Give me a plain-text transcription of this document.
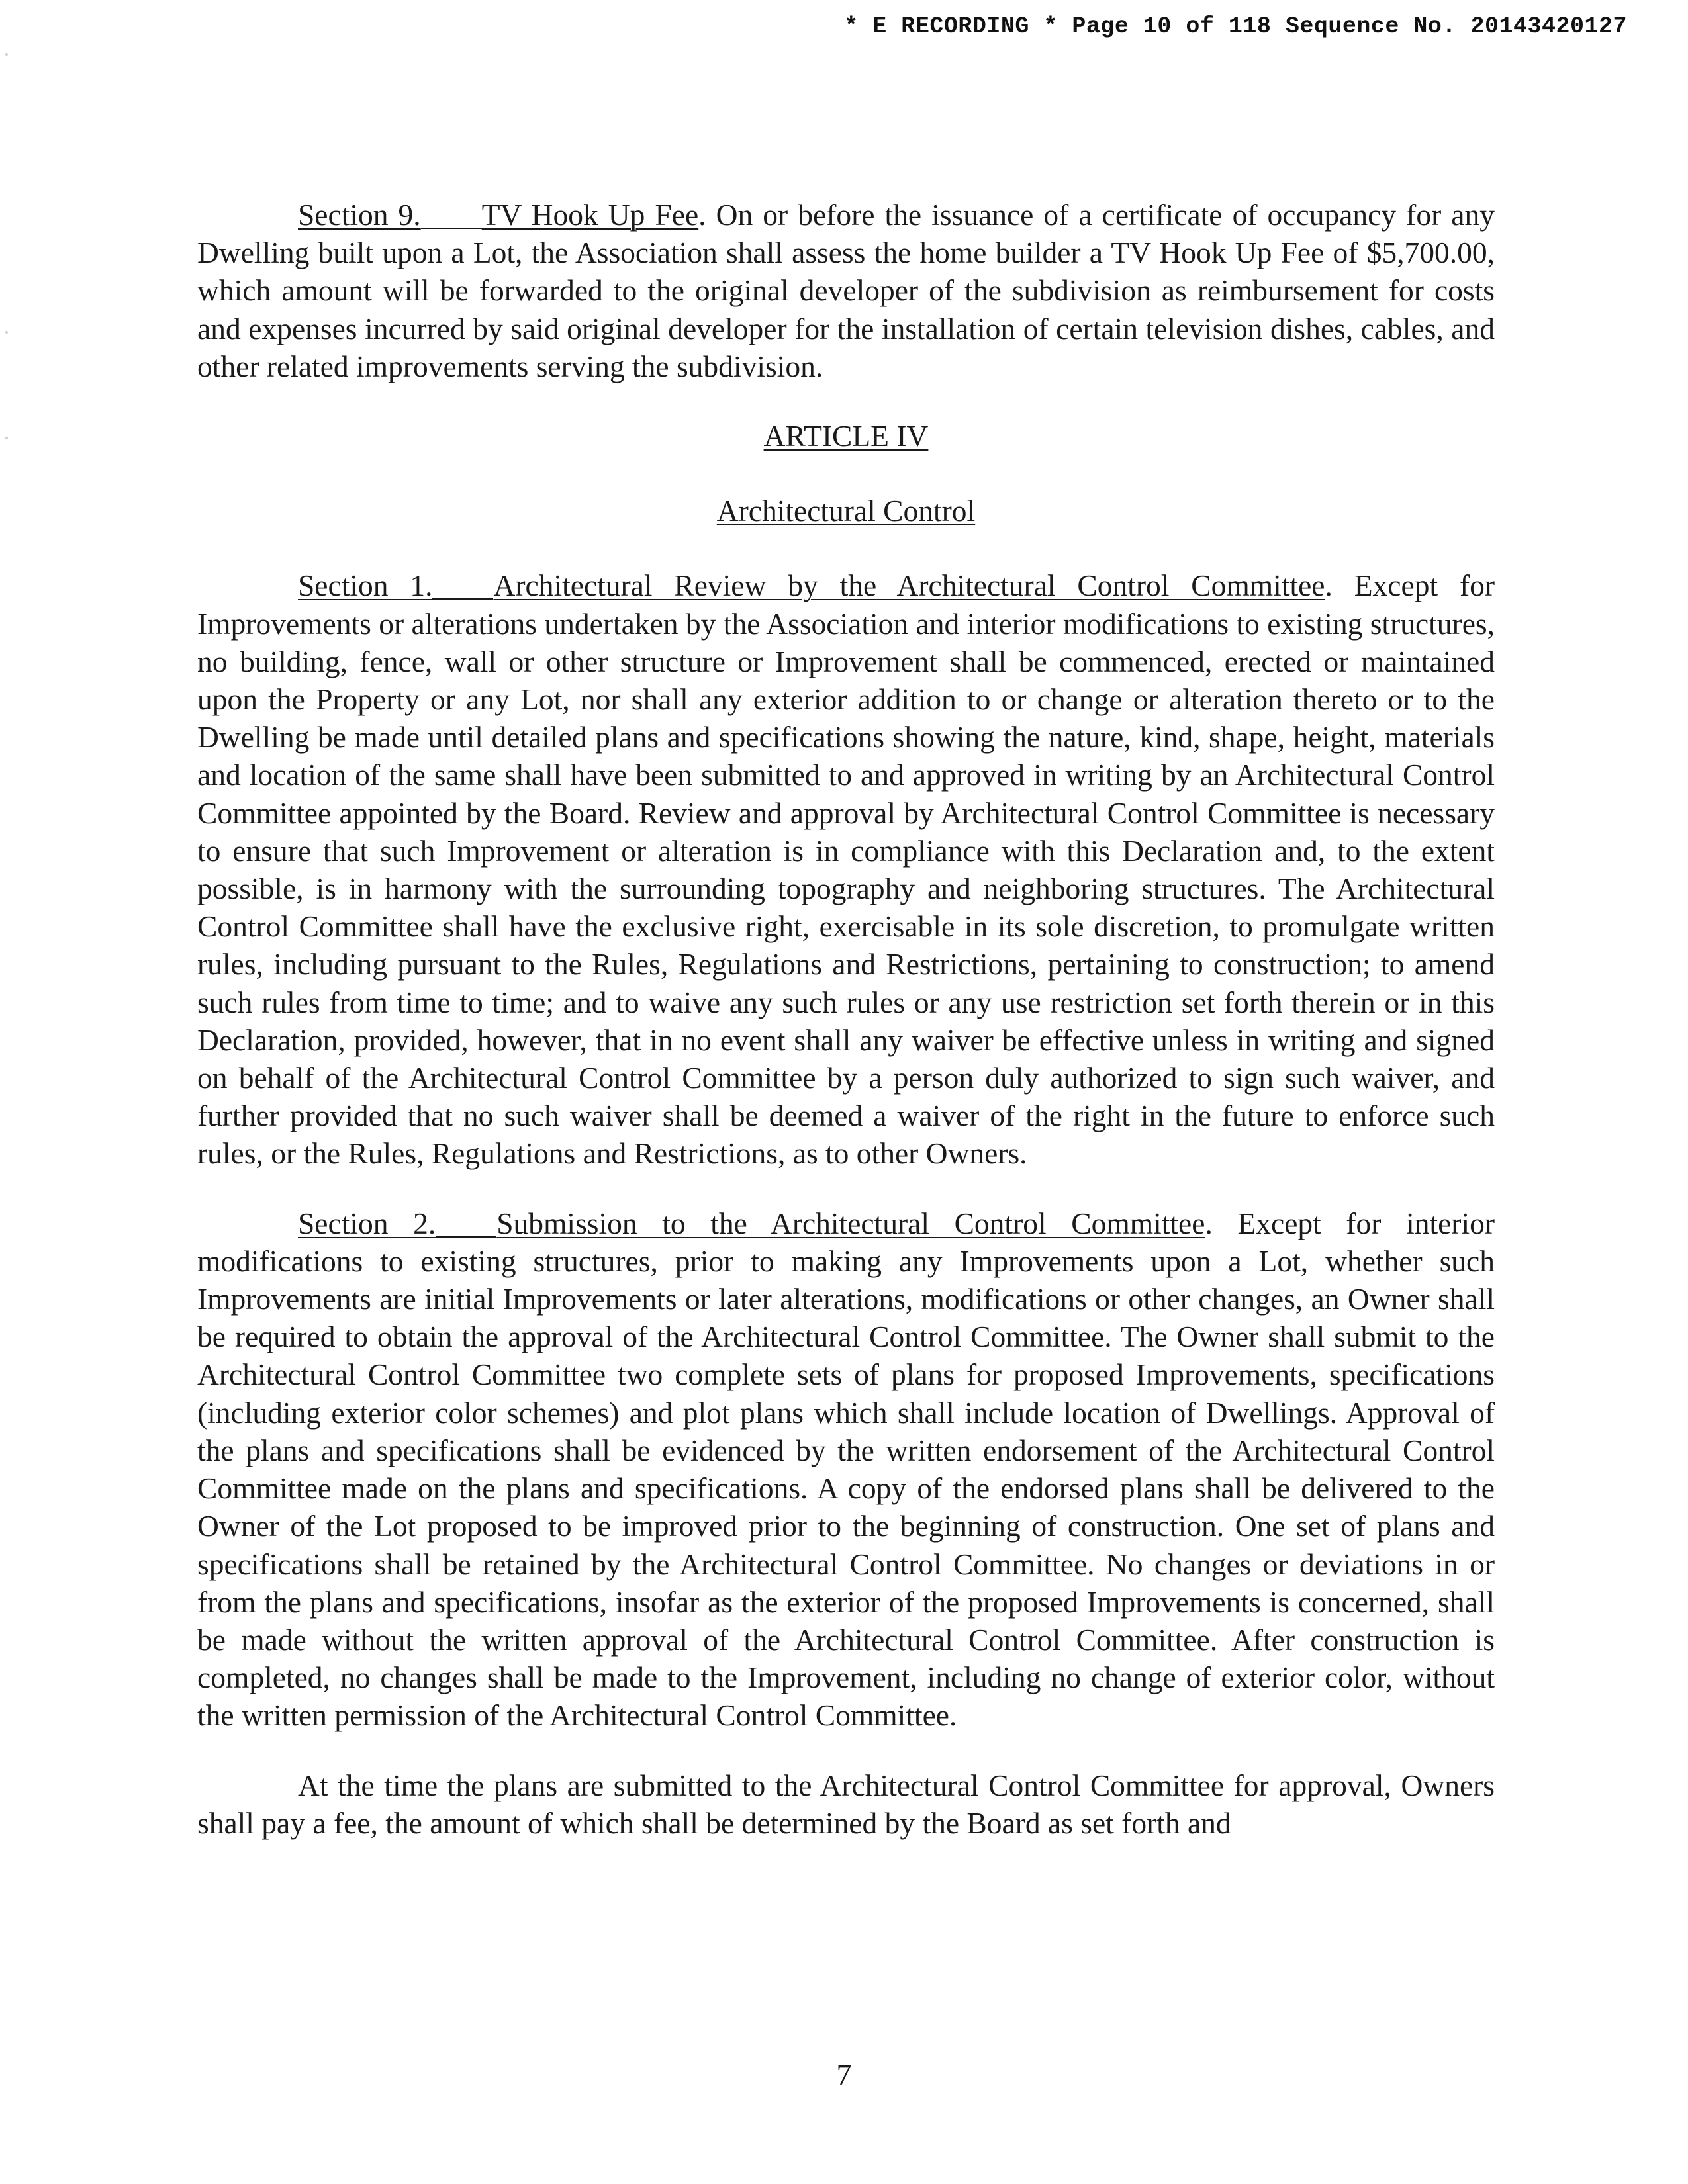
* E RECORDING * Page 10 of 118 Sequence No. 20143420127

Section 9. TV Hook Up Fee. On or before the issuance of a certificate of occupancy for any Dwelling built upon a Lot, the Association shall assess the home builder a TV Hook Up Fee of $5,700.00, which amount will be forwarded to the original developer of the subdivision as reimbursement for costs and expenses incurred by said original developer for the installation of certain television dishes, cables, and other related improvements serving the subdivision.

ARTICLE IV

Architectural Control

Section 1. Architectural Review by the Architectural Control Committee. Except for Improvements or alterations undertaken by the Association and interior modifications to existing structures, no building, fence, wall or other structure or Improvement shall be commenced, erected or maintained upon the Property or any Lot, nor shall any exterior addition to or change or alteration thereto or to the Dwelling be made until detailed plans and specifications showing the nature, kind, shape, height, materials and location of the same shall have been submitted to and approved in writing by an Architectural Control Committee appointed by the Board. Review and approval by Architectural Control Committee is necessary to ensure that such Improvement or alteration is in compliance with this Declaration and, to the extent possible, is in harmony with the surrounding topography and neighboring structures. The Architectural Control Committee shall have the exclusive right, exercisable in its sole discretion, to promulgate written rules, including pursuant to the Rules, Regulations and Restrictions, pertaining to construction; to amend such rules from time to time; and to waive any such rules or any use restriction set forth therein or in this Declaration, provided, however, that in no event shall any waiver be effective unless in writing and signed on behalf of the Architectural Control Committee by a person duly authorized to sign such waiver, and further provided that no such waiver shall be deemed a waiver of the right in the future to enforce such rules, or the Rules, Regulations and Restrictions, as to other Owners.

Section 2. Submission to the Architectural Control Committee. Except for interior modifications to existing structures, prior to making any Improvements upon a Lot, whether such Improvements are initial Improvements or later alterations, modifications or other changes, an Owner shall be required to obtain the approval of the Architectural Control Committee. The Owner shall submit to the Architectural Control Committee two complete sets of plans for proposed Improvements, specifications (including exterior color schemes) and plot plans which shall include location of Dwellings. Approval of the plans and specifications shall be evidenced by the written endorsement of the Architectural Control Committee made on the plans and specifications. A copy of the endorsed plans shall be delivered to the Owner of the Lot proposed to be improved prior to the beginning of construction. One set of plans and specifications shall be retained by the Architectural Control Committee. No changes or deviations in or from the plans and specifications, insofar as the exterior of the proposed Improvements is concerned, shall be made without the written approval of the Architectural Control Committee. After construction is completed, no changes shall be made to the Improvement, including no change of exterior color, without the written permission of the Architectural Control Committee.

At the time the plans are submitted to the Architectural Control Committee for approval, Owners shall pay a fee, the amount of which shall be determined by the Board as set forth and

7
